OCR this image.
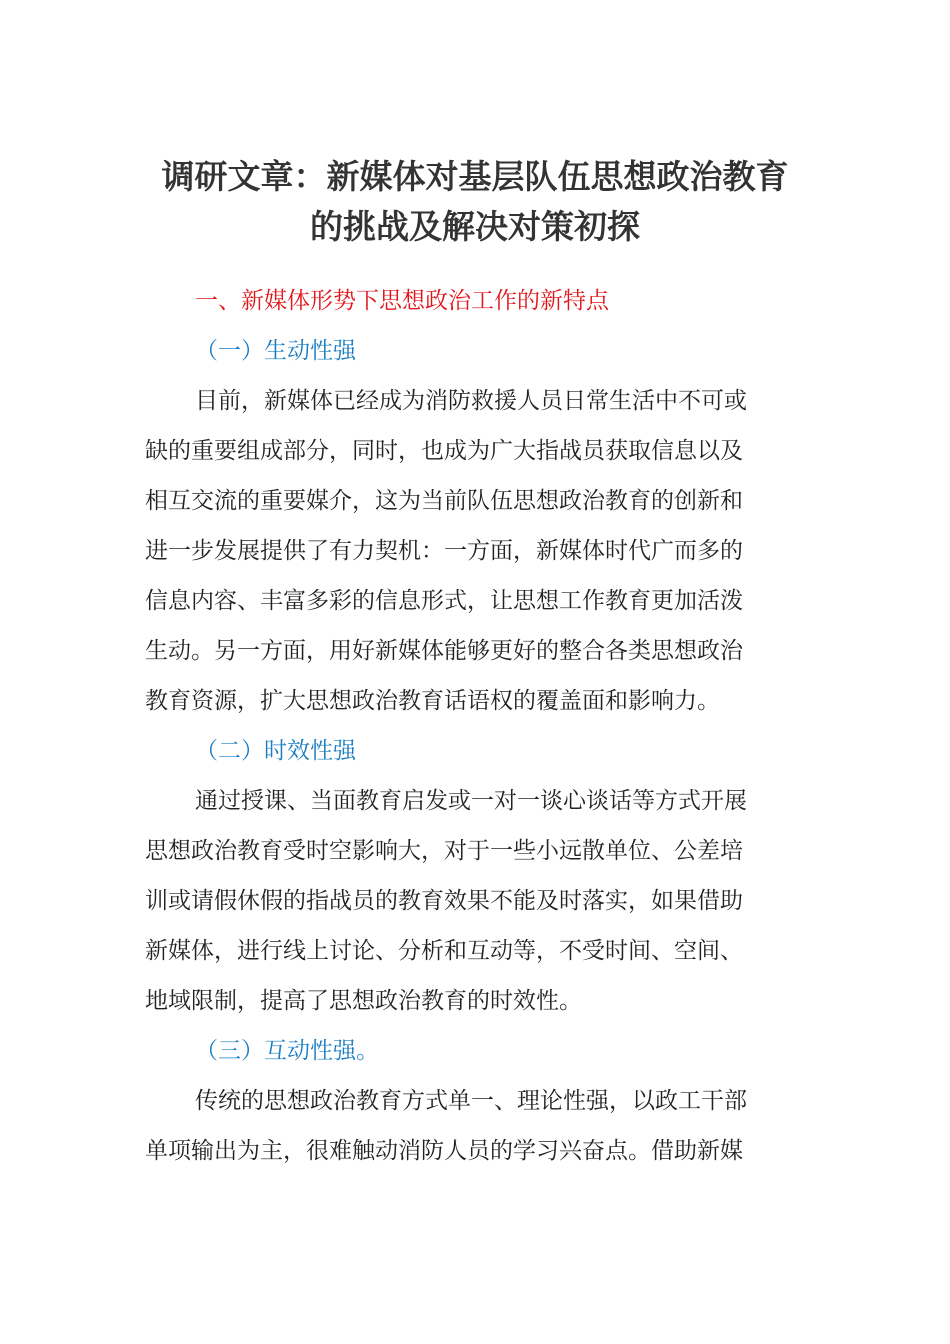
调研文章：新媒体对基层队伍思想政治教育
的挑战及解决对策初探
一、新媒体形势下思想政治工作的新特点
（一）生动性强
目前，新媒体已经成为消防救援人员日常生活中不可或
缺的重要组成部分，同时，也成为广大指战员获取信息以及
相互交流的重要媒介，这为当前队伍思想政治教育的创新和
进一步发展提供了有力契机：一方面，新媒体时代广而多的
信息内容、丰富多彩的信息形式，让思想工作教育更加活泼
生动。另一方面，用好新媒体能够更好的整合各类思想政治
教育资源，扩大思想政治教育话语权的覆盖面和影响力。
（二）时效性强
通过授课、当面教育启发或一对一谈心谈话等方式开展
思想政治教育受时空影响大，对于一些小远散单位、公差培
训或请假休假的指战员的教育效果不能及时落实，如果借助
新媒体，进行线上讨论、分析和互动等，不受时间、空间、
地域限制，提高了思想政治教育的时效性。
（三）互动性强。
传统的思想政治教育方式单一、理论性强，以政工干部
单项输出为主，很难触动消防人员的学习兴奋点。借助新媒
